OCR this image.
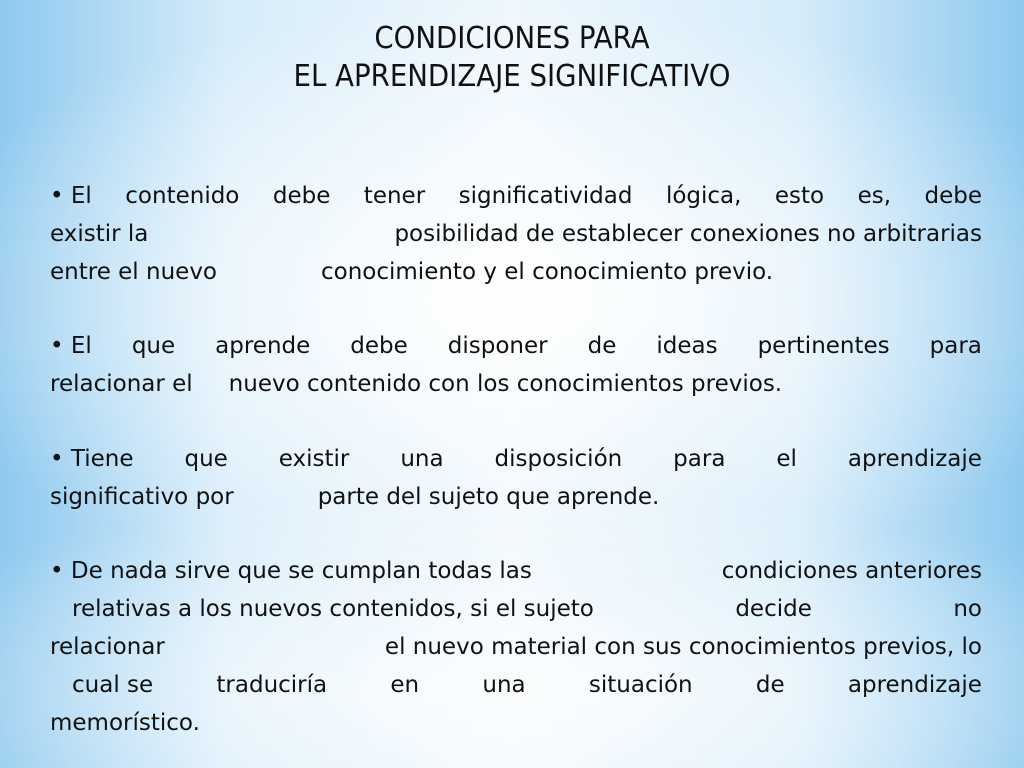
CONDICIONES PARA
EL APRENDIZAJE SIGNIFICATIVO
• El contenido debe tener significatividad lógica, esto es, debe
existir la	posibilidad de establecer conexiones no arbitrarias
entre el nuevo	conocimiento y el conocimiento previo.
• El que aprende debe disponer de ideas pertinentes para
relacionar el nuevo contenido con los conocimientos previos.
• Tiene que existir una disposición para el aprendizaje
significativo por	parte del sujeto que aprende.
• De nada sirve que se cumplan todas las	condiciones anteriores
relativas a los nuevos contenidos, si el sujeto	decide	no
relacionar	el nuevo material con sus conocimientos previos, lo
cual se	traduciría	en	una	situación	de	aprendizaje
memorístico.
